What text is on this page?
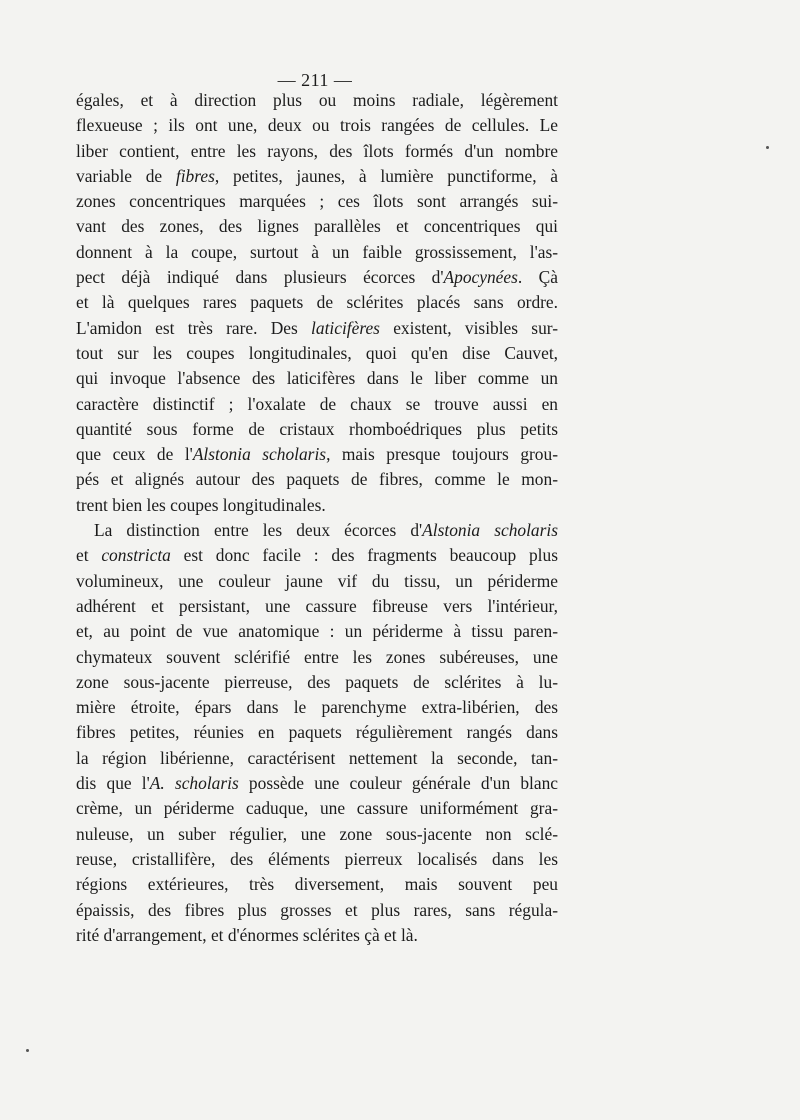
— 211 —
égales, et à direction plus ou moins radiale, légèrement
flexueuse ; ils ont une, deux ou trois rangées de cellules. Le
liber contient, entre les rayons, des îlots formés d'un nombre
variable de fibres, petites, jaunes, à lumière punctiforme, à
zones concentriques marquées ; ces îlots sont arrangés sui-
vant des zones, des lignes parallèles et concentriques qui
donnent à la coupe, surtout à un faible grossissement, l'as-
pect déjà indiqué dans plusieurs écorces d'Apocynées. Çà
et là quelques rares paquets de sclérites placés sans ordre.
L'amidon est très rare. Des laticifères existent, visibles sur-
tout sur les coupes longitudinales, quoi qu'en dise Cauvet,
qui invoque l'absence des laticifères dans le liber comme un
caractère distinctif ; l'oxalate de chaux se trouve aussi en
quantité sous forme de cristaux rhomboédriques plus petits
que ceux de l'Alstonia scholaris, mais presque toujours grou-
pés et alignés autour des paquets de fibres, comme le mon-
trent bien les coupes longitudinales.
La distinction entre les deux écorces d'Alstonia scholaris
et constricta est donc facile : des fragments beaucoup plus
volumineux, une couleur jaune vif du tissu, un périderme
adhérent et persistant, une cassure fibreuse vers l'intérieur,
et, au point de vue anatomique : un périderme à tissu paren-
chymateux souvent sclérifié entre les zones subéreuses, une
zone sous-jacente pierreuse, des paquets de sclérites à lu-
mière étroite, épars dans le parenchyme extra-libérien, des
fibres petites, réunies en paquets régulièrement rangés dans
la région libérienne, caractérisent nettement la seconde, tan-
dis que l'A. scholaris possède une couleur générale d'un blanc
crème, un périderme caduque, une cassure uniformément gra-
nuleuse, un suber régulier, une zone sous-jacente non sclé-
reuse, cristallifère, des éléments pierreux localisés dans les
régions extérieures, très diversement, mais souvent peu
épaissis, des fibres plus grosses et plus rares, sans régula-
rité d'arrangement, et d'énormes sclérites çà et là.
